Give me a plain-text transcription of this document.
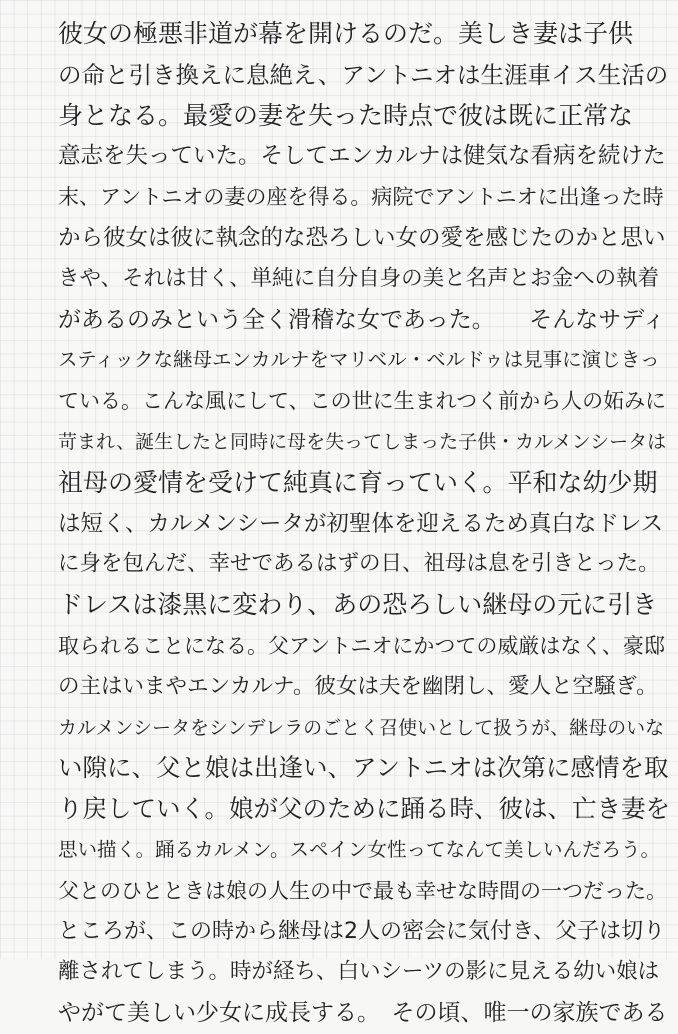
彼女の極悪非道が幕を開けるのだ。美しき妻は子供
の命と引き換えに息絶え、アントニオは生涯車イス生活の
身となる。最愛の妻を失った時点で彼は既に正常な
意志を失っていた。そしてエンカルナは健気な看病を続けた
末、アントニオの妻の座を得る。病院でアントニオに出逢った時
から彼女は彼に執念的な恐ろしい女の愛を感じたのかと思い
きや、それは甘く、単純に自分自身の美と名声とお金への執着
があるのみという全く滑稽な女であった。　　そんなサディ
スティックな継母エンカルナをマリベル・ベルドゥは見事に演じきっ
ている。こんな風にして、この世に生まれつく前から人の妬みに
苛まれ、誕生したと同時に母を失ってしまった子供・カルメンシータは
祖母の愛情を受けて純真に育っていく。平和な幼少期
は短く、カルメンシータが初聖体を迎えるため真白なドレス
に身を包んだ、幸せであるはずの日、祖母は息を引きとった。
ドレスは漆黒に変わり、あの恐ろしい継母の元に引き
取られることになる。父アントニオにかつての威厳はなく、豪邸
の主はいまやエンカルナ。彼女は夫を幽閉し、愛人と空騒ぎ。
カルメンシータをシンデレラのごとく召使いとして扱うが、継母のいな
い隙に、父と娘は出逢い、アントニオは次第に感情を取
り戻していく。娘が父のために踊る時、彼は、亡き妻を
思い描く。踊るカルメン。スペイン女性ってなんて美しいんだろう。
父とのひとときは娘の人生の中で最も幸せな時間の一つだった。
ところが、この時から継母は2人の密会に気付き、父子は切り
離されてしまう。時が経ち、白いシーツの影に見える幼い娘は
やがて美しい少女に成長する。　その頃、唯一の家族である
